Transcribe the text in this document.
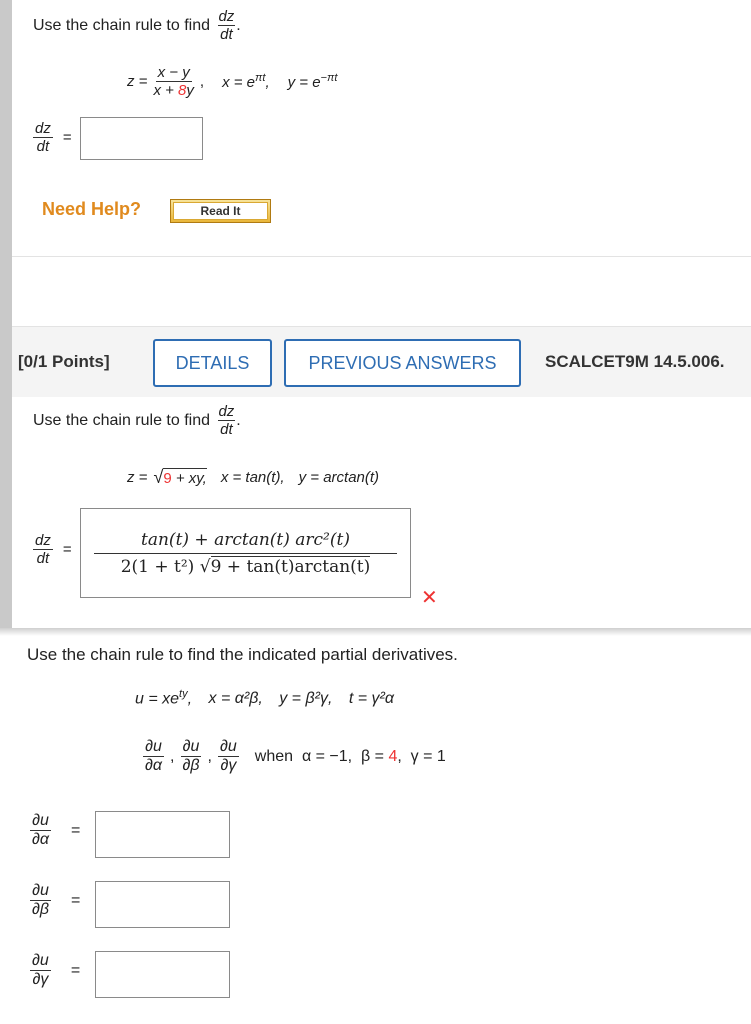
Use the chain rule to find $\frac{dz}{dt}$ .
$z = \frac{x - y}{x + 8y}$ , $x = e^{\pi t}$, $y = e^{-\pi t}$
$\frac{dz}{dt}$ =
Need Help?	Read It
[0/1 Points]	DETAILS	PREVIOUS ANSWERS	SCALCET9M 14.5.006.
Use the chain rule to find $\frac{dz}{dt}$ .
z = √ 9 + xy, x = tan(t), y = arctan(t)
$\frac{dz}{dt}$ =
tan(t) + arctan(t) arc²(t)
2(1 + t²) √9 + tan(t)arctan(t)
✕
Use the chain rule to find the indicated partial derivatives.
$u = xe^{ty}$, x = α²β, y = β²γ, t = γ²α
$\frac{\partial u}{\partial\alpha}$ , $\frac{\partial u}{\partial\beta}$ , $\frac{\partial u}{\partial\gamma}$ when  α = −1,  β = 4,  γ = 1
$\frac{\partial u}{\partial\alpha}$ =
$\frac{\partial u}{\partial\beta}$ =
$\frac{\partial u}{\partial\gamma}$ =
